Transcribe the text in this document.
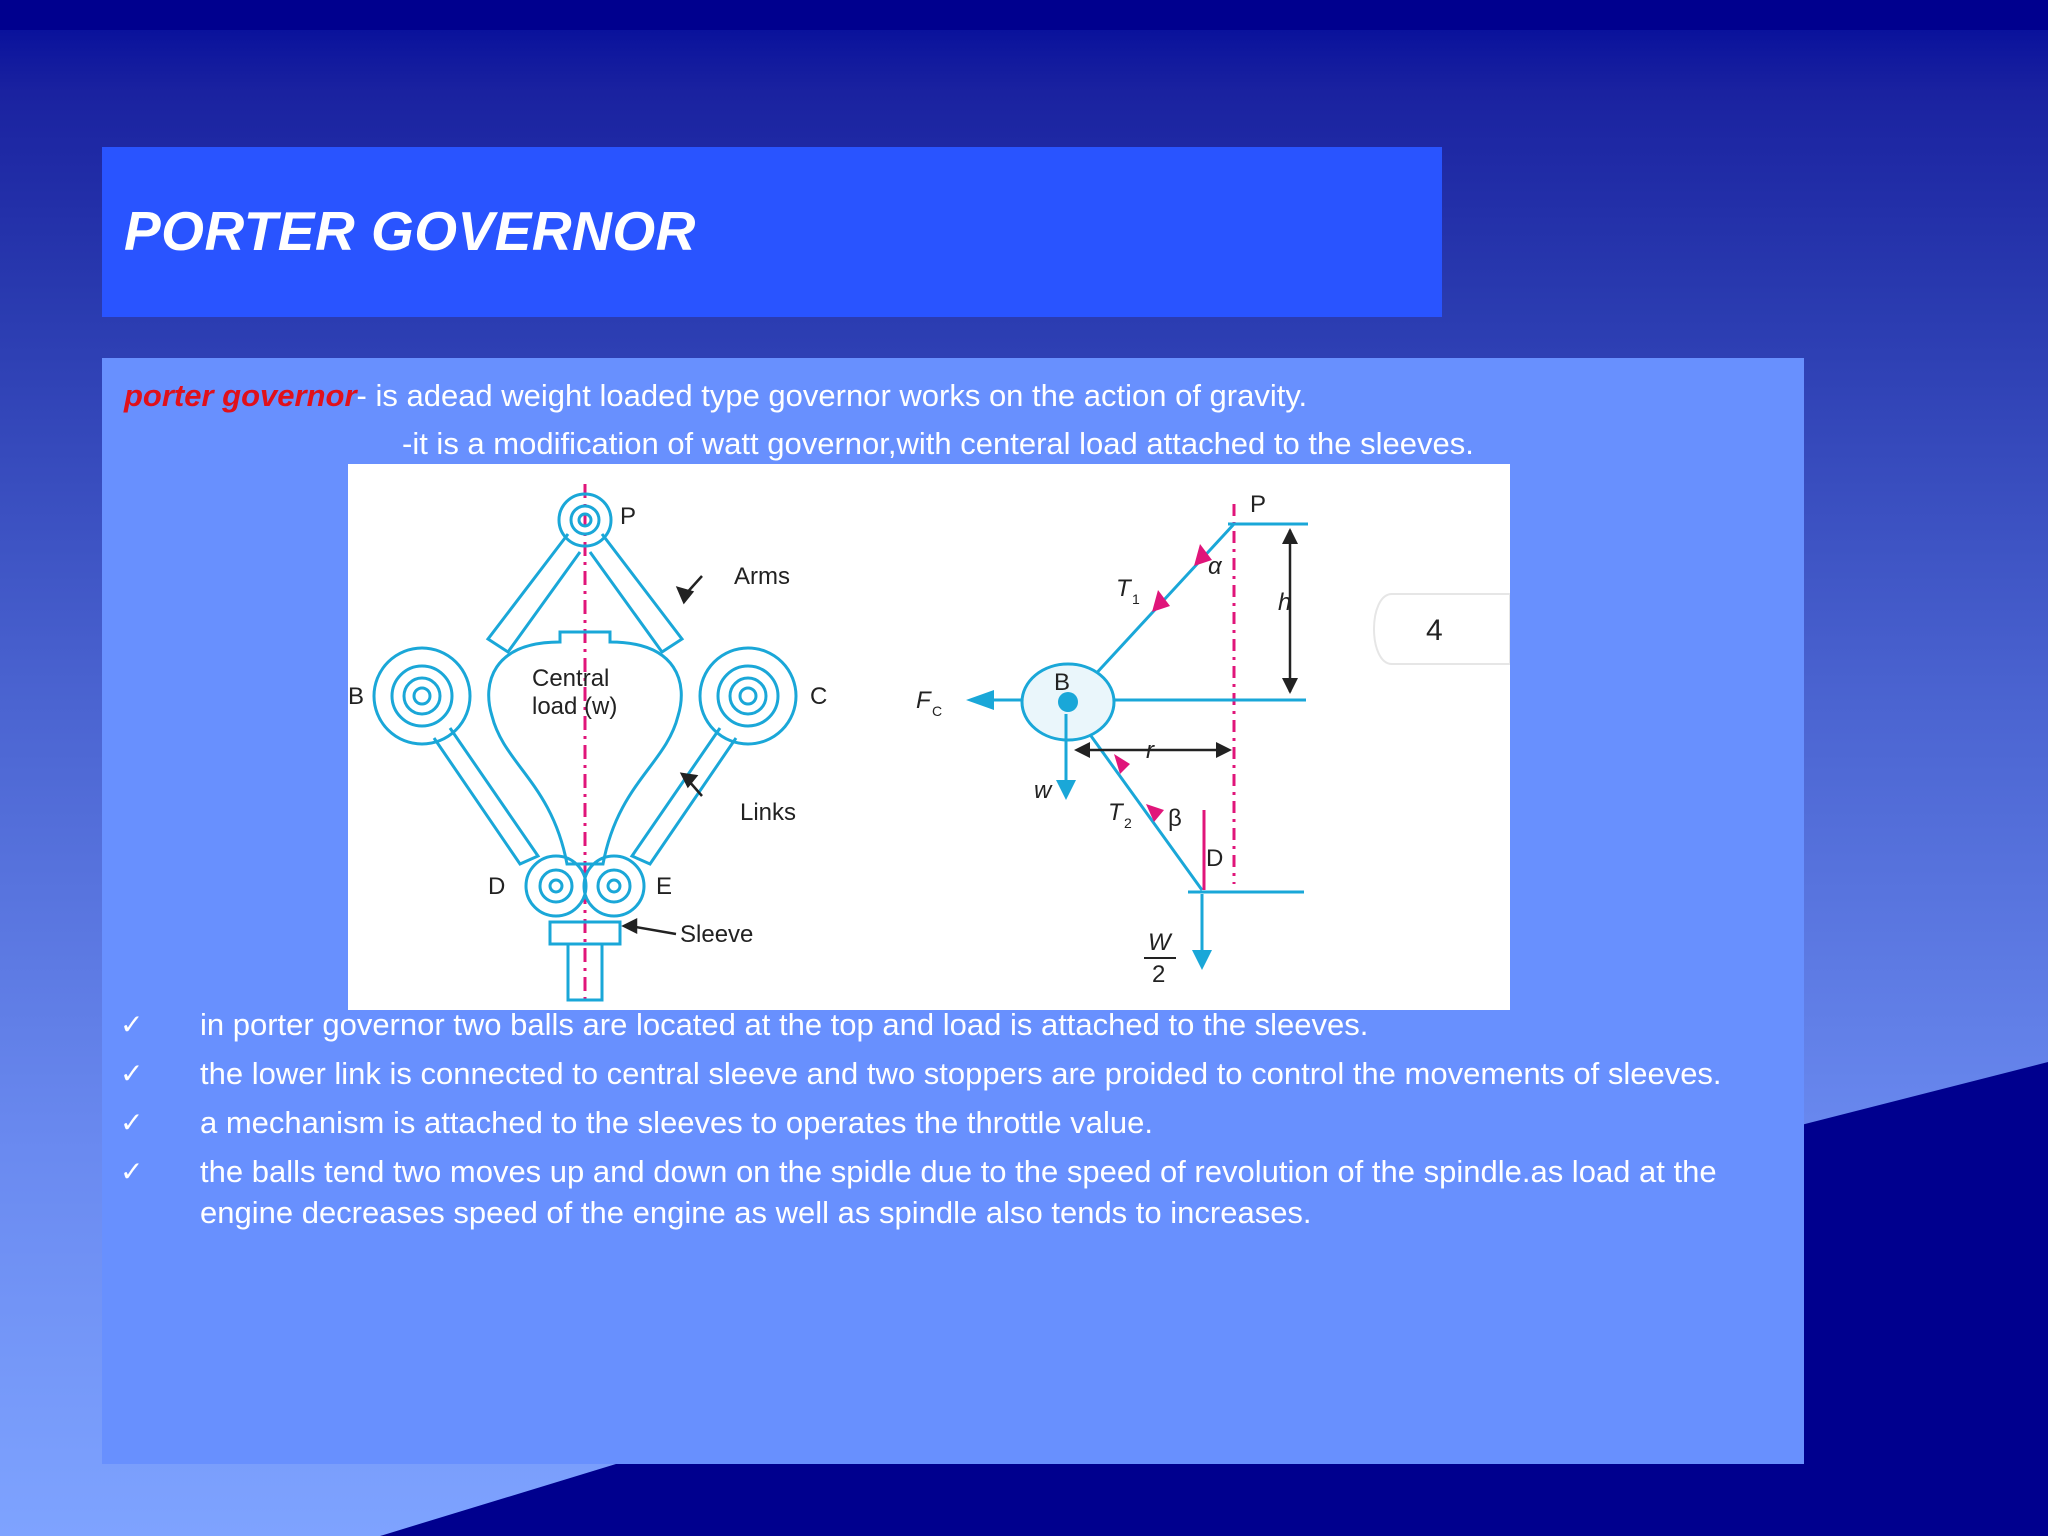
PORTER GOVERNOR
porter governor- is adead weight loaded type governor works on the action of gravity.
-it is a modification of watt governor,with centeral load attached to the sleeves.
P
B	C
D	E
Arms
Central
load (w)
Links
Sleeve
P
α
T 1	h
B
F C
r
w
T 2 β
D
W
2
4
✓ in porter governor two balls are located at the top and load is attached to the sleeves.
✓ the lower link is connected to central sleeve and two stoppers are proided to control the movements of sleeves.
✓ a mechanism is attached to the sleeves to operates the throttle value.
✓ the balls tend two moves up and down on the spidle due to the speed of revolution of the spindle.as load at the engine decreases speed of the engine as well as spindle also tends to increases.
